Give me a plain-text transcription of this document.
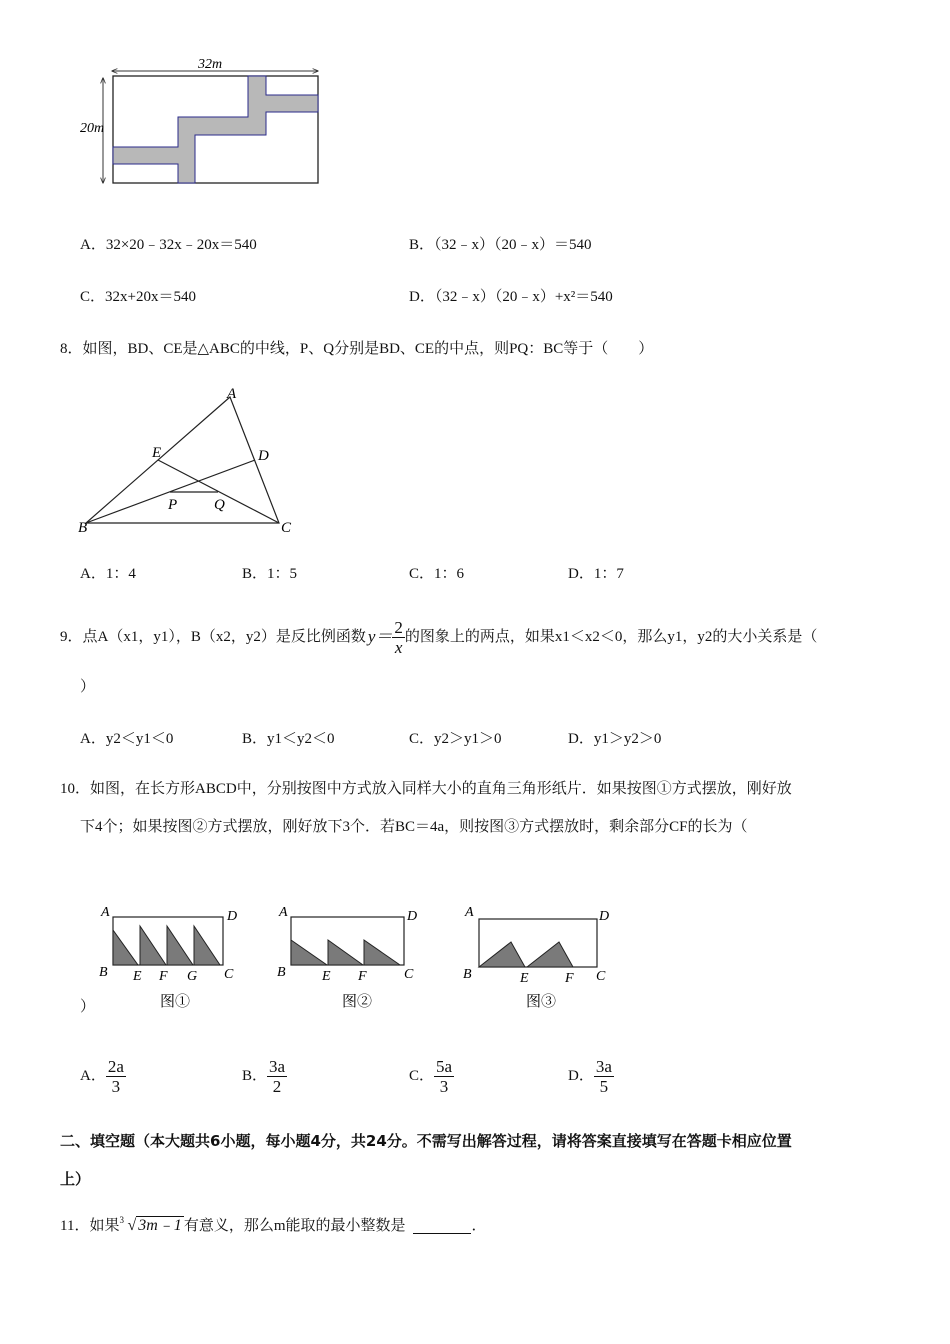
32m
20m
A．32×20﹣32x﹣20x＝540	B．（32﹣x）（20﹣x）＝540
C．32x+20x＝540	D．（32﹣x）（20﹣x）+x²＝540
8．如图，BD、CE是△ABC的中线，P、Q分别是BD、CE的中点，则PQ：BC等于（　　）
A
B	C
D
E
P Q
A．1：4	B．1：5	C．1：6	D．1：7
9． 点A（x1，y1），B（x2，y2）是反比例函数 $y= \frac{2}{x}$ 的图象上的两点，如果x1＜x2＜0，那么y1，y2的大小关系是（
）
A．y2＜y1＜0	B．y1＜y2＜0	C．y2＞y1＞0	D．y1＞y2＞0
10．如图，在长方形ABCD中，分别按图中方式放入同样大小的直角三角形纸片．如果按图①方式摆放，刚好放
下4个；如果按图②方式摆放，刚好放下3个．若BC＝4a，则按图③方式摆放时，剩余部分CF的长为（
A	D
B E F G C
图①
A	D
B	E F	C
图②
A	D
B	E	F C
图③
）
A． $\frac{2a}{3}$	B． $\frac{3a}{2}$	C． $\frac{5a}{3}$	D． $\frac{3a}{5}$
二、填空题（本大题共6小题，每小题4分，共24分。不需写出解答过程，请将答案直接填写在答题卡相应位置
上）
11． 如果 3 √ 3m﹣1 有意义，那么m能取的最小整数是	．
